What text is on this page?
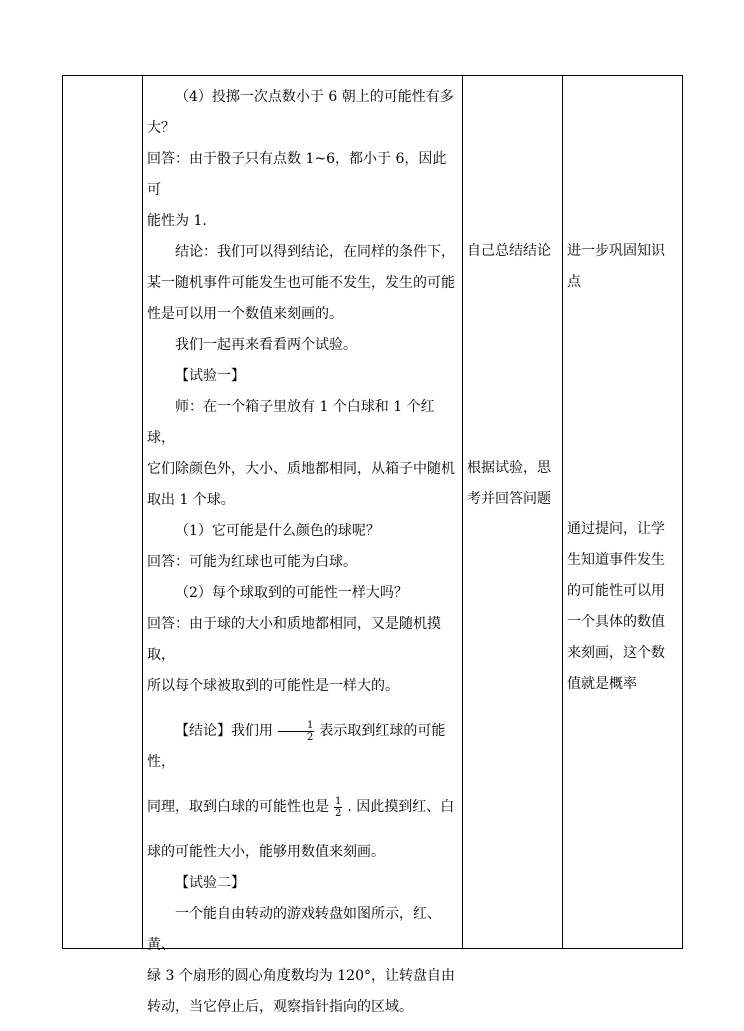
（4）投掷一次点数小于 6 朝上的可能性有多

大？

回答：由于骰子只有点数 1~6，都小于 6，因此可

能性为 1.

结论：我们可以得到结论，在同样的条件下，

某一随机事件可能发生也可能不发生，发生的可能

性是可以用一个数值来刻画的。

我们一起再来看看两个试验。

【试验一】

师：在一个箱子里放有 1 个白球和 1 个红球，

它们除颜色外，大小、质地都相同，从箱子中随机

取出 1 个球。

（1）它可能是什么颜色的球呢？

回答：可能为红球也可能为白球。

（2）每个球取到的可能性一样大吗？

回答：由于球的大小和质地都相同，又是随机摸取，

所以每个球被取到的可能性是一样大的。

【结论】我们用 $\frac{1}{2}$ 表示取到红球的可能性，

同理，取到白球的可能性也是 $\frac{1}{2}$ . 因此摸到红、白

球的可能性大小，能够用数值来刻画。

【试验二】

一个能自由转动的游戏转盘如图所示，红、黄、

绿 3 个扇形的圆心角度数均为 120°，让转盘自由

转动，当它停止后，观察指针指向的区域。

自己总结结论
根据试验，思
考并回答问题
进一步巩固知识
点
通过提问，让学
生知道事件发生
的可能性可以用
一个具体的数值
来刻画，这个数
值就是概率
